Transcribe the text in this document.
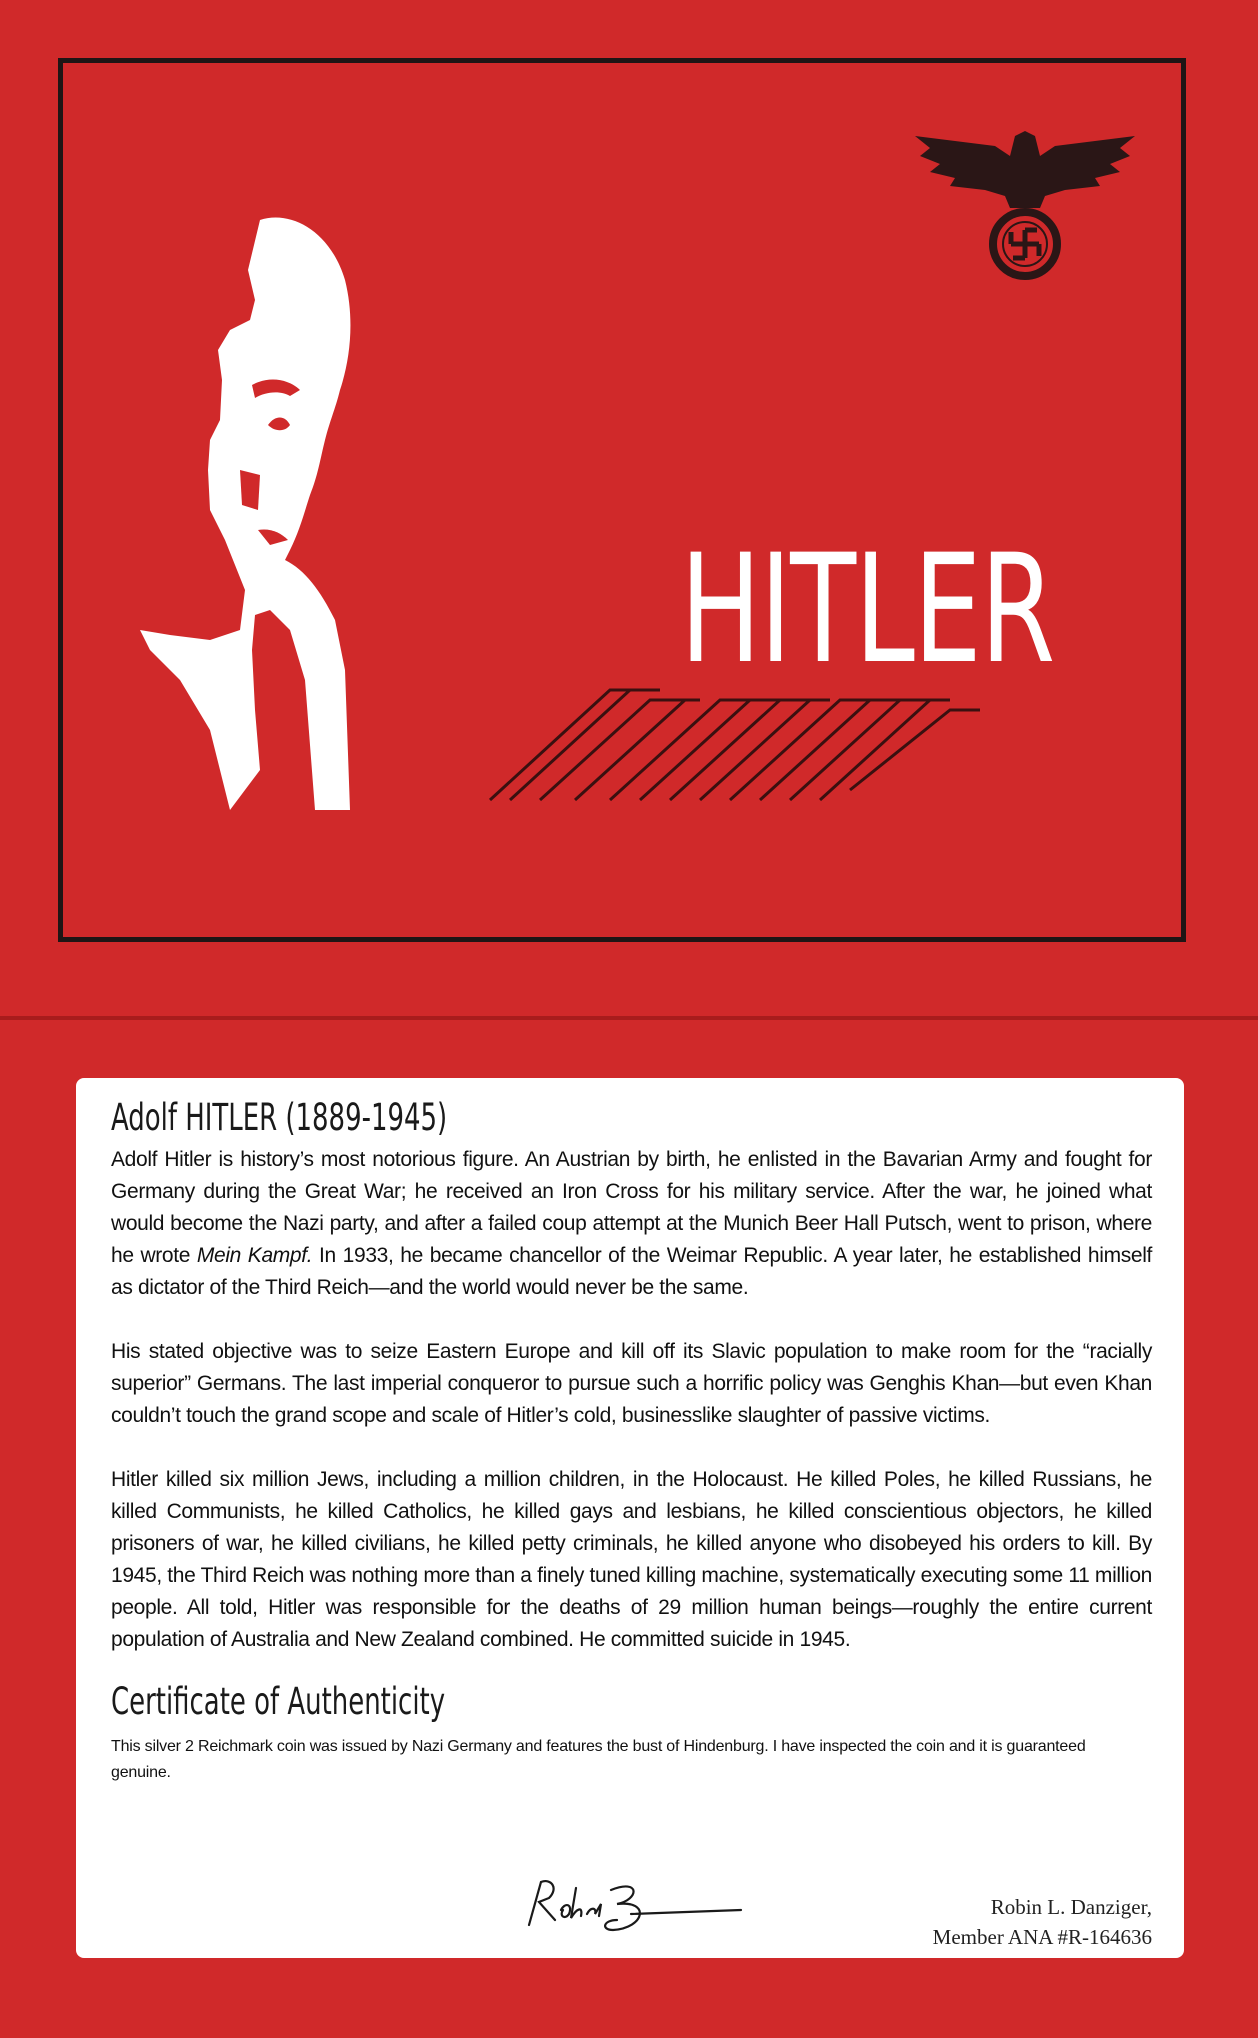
HITLER
Adolf HITLER (1889-1945)

Adolf Hitler is history’s most notorious figure. An Austrian by birth, he enlisted in the Bavarian Army and fought for Germany during the Great War; he received an Iron Cross for his military service. After the war, he joined what would become the Nazi party, and after a failed coup attempt at the Munich Beer Hall Putsch, went to prison, where he wrote Mein Kampf. In 1933, he became chancellor of the Weimar Republic. A year later, he established himself as dictator of the Third Reich—and the world would never be the same.

His stated objective was to seize Eastern Europe and kill off its Slavic population to make room for the “racially superior” Germans. The last imperial conqueror to pursue such a horrific policy was Genghis Khan—but even Khan couldn’t touch the grand scope and scale of Hitler’s cold, businesslike slaughter of passive victims.

Hitler killed six million Jews, including a million children, in the Holocaust. He killed Poles, he killed Russians, he killed Communists, he killed Catholics, he killed gays and lesbians, he killed conscientious objectors, he killed prisoners of war, he killed civilians, he killed petty criminals, he killed anyone who disobeyed his orders to kill. By 1945, the Third Reich was nothing more than a finely tuned killing machine, systematically executing some 11 million people. All told, Hitler was responsible for the deaths of 29 million human beings—roughly the entire current population of Australia and New Zealand combined. He committed suicide in 1945.

Certificate of Authenticity

This silver 2 Reichmark coin was issued by Nazi Germany and features the bust of Hindenburg. I have inspected the coin and it is guaranteed genuine.

Robin L. Danziger,
Member ANA #R-164636
